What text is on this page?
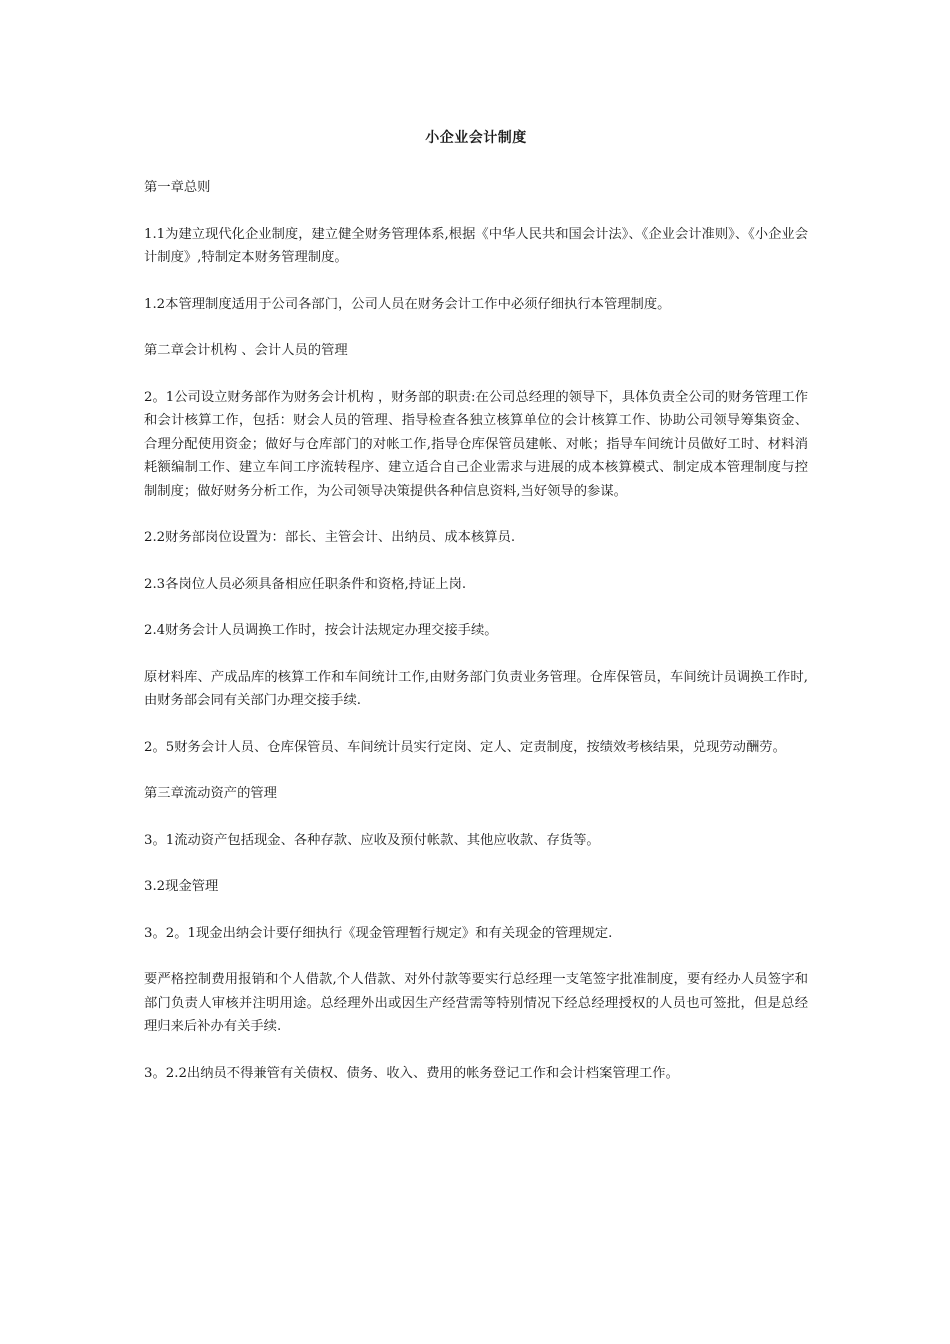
小企业会计制度

第一章总则

1.1为建立现代化企业制度，建立健全财务管理体系,根据《中华人民共和国会计法》、《企业会计准则》、《小企业会计制度》,特制定本财务管理制度。

1.2本管理制度适用于公司各部门，公司人员在财务会计工作中必须仔细执行本管理制度。

第二章会计机构 、会计人员的管理

2。1公司设立财务部作为财务会计机构 ，财务部的职责:在公司总经理的领导下，具体负责全公司的财务管理工作和会计核算工作，包括：财会人员的管理、指导检查各独立核算单位的会计核算工作、协助公司领导筹集资金、合理分配使用资金；做好与仓库部门的对帐工作,指导仓库保管员建帐、对帐；指导车间统计员做好工时、材料消耗额编制工作、建立车间工序流转程序、建立适合自己企业需求与进展的成本核算模式、制定成本管理制度与控制制度；做好财务分析工作，为公司领导决策提供各种信息资料,当好领导的参谋。

2.2财务部岗位设置为：部长、主管会计、出纳员、成本核算员.

2.3各岗位人员必须具备相应任职条件和资格,持证上岗.

2.4财务会计人员调换工作时，按会计法规定办理交接手续。

原材料库、产成品库的核算工作和车间统计工作,由财务部门负责业务管理。仓库保管员，车间统计员调换工作时,由财务部会同有关部门办理交接手续.

2。5财务会计人员、仓库保管员、车间统计员实行定岗、定人、定责制度，按绩效考核结果，兑现劳动酬劳。

第三章流动资产的管理

3。1流动资产包括现金、各种存款、应收及预付帐款、其他应收款、存货等。

3.2现金管理

3。2。1现金出纳会计要仔细执行《现金管理暂行规定》和有关现金的管理规定.

要严格控制费用报销和个人借款,个人借款、对外付款等要实行总经理一支笔签字批准制度，要有经办人员签字和部门负责人审核并注明用途。总经理外出或因生产经营需等特别情况下经总经理授权的人员也可签批，但是总经理归来后补办有关手续.

3。2.2出纳员不得兼管有关债权、债务、收入、费用的帐务登记工作和会计档案管理工作。
